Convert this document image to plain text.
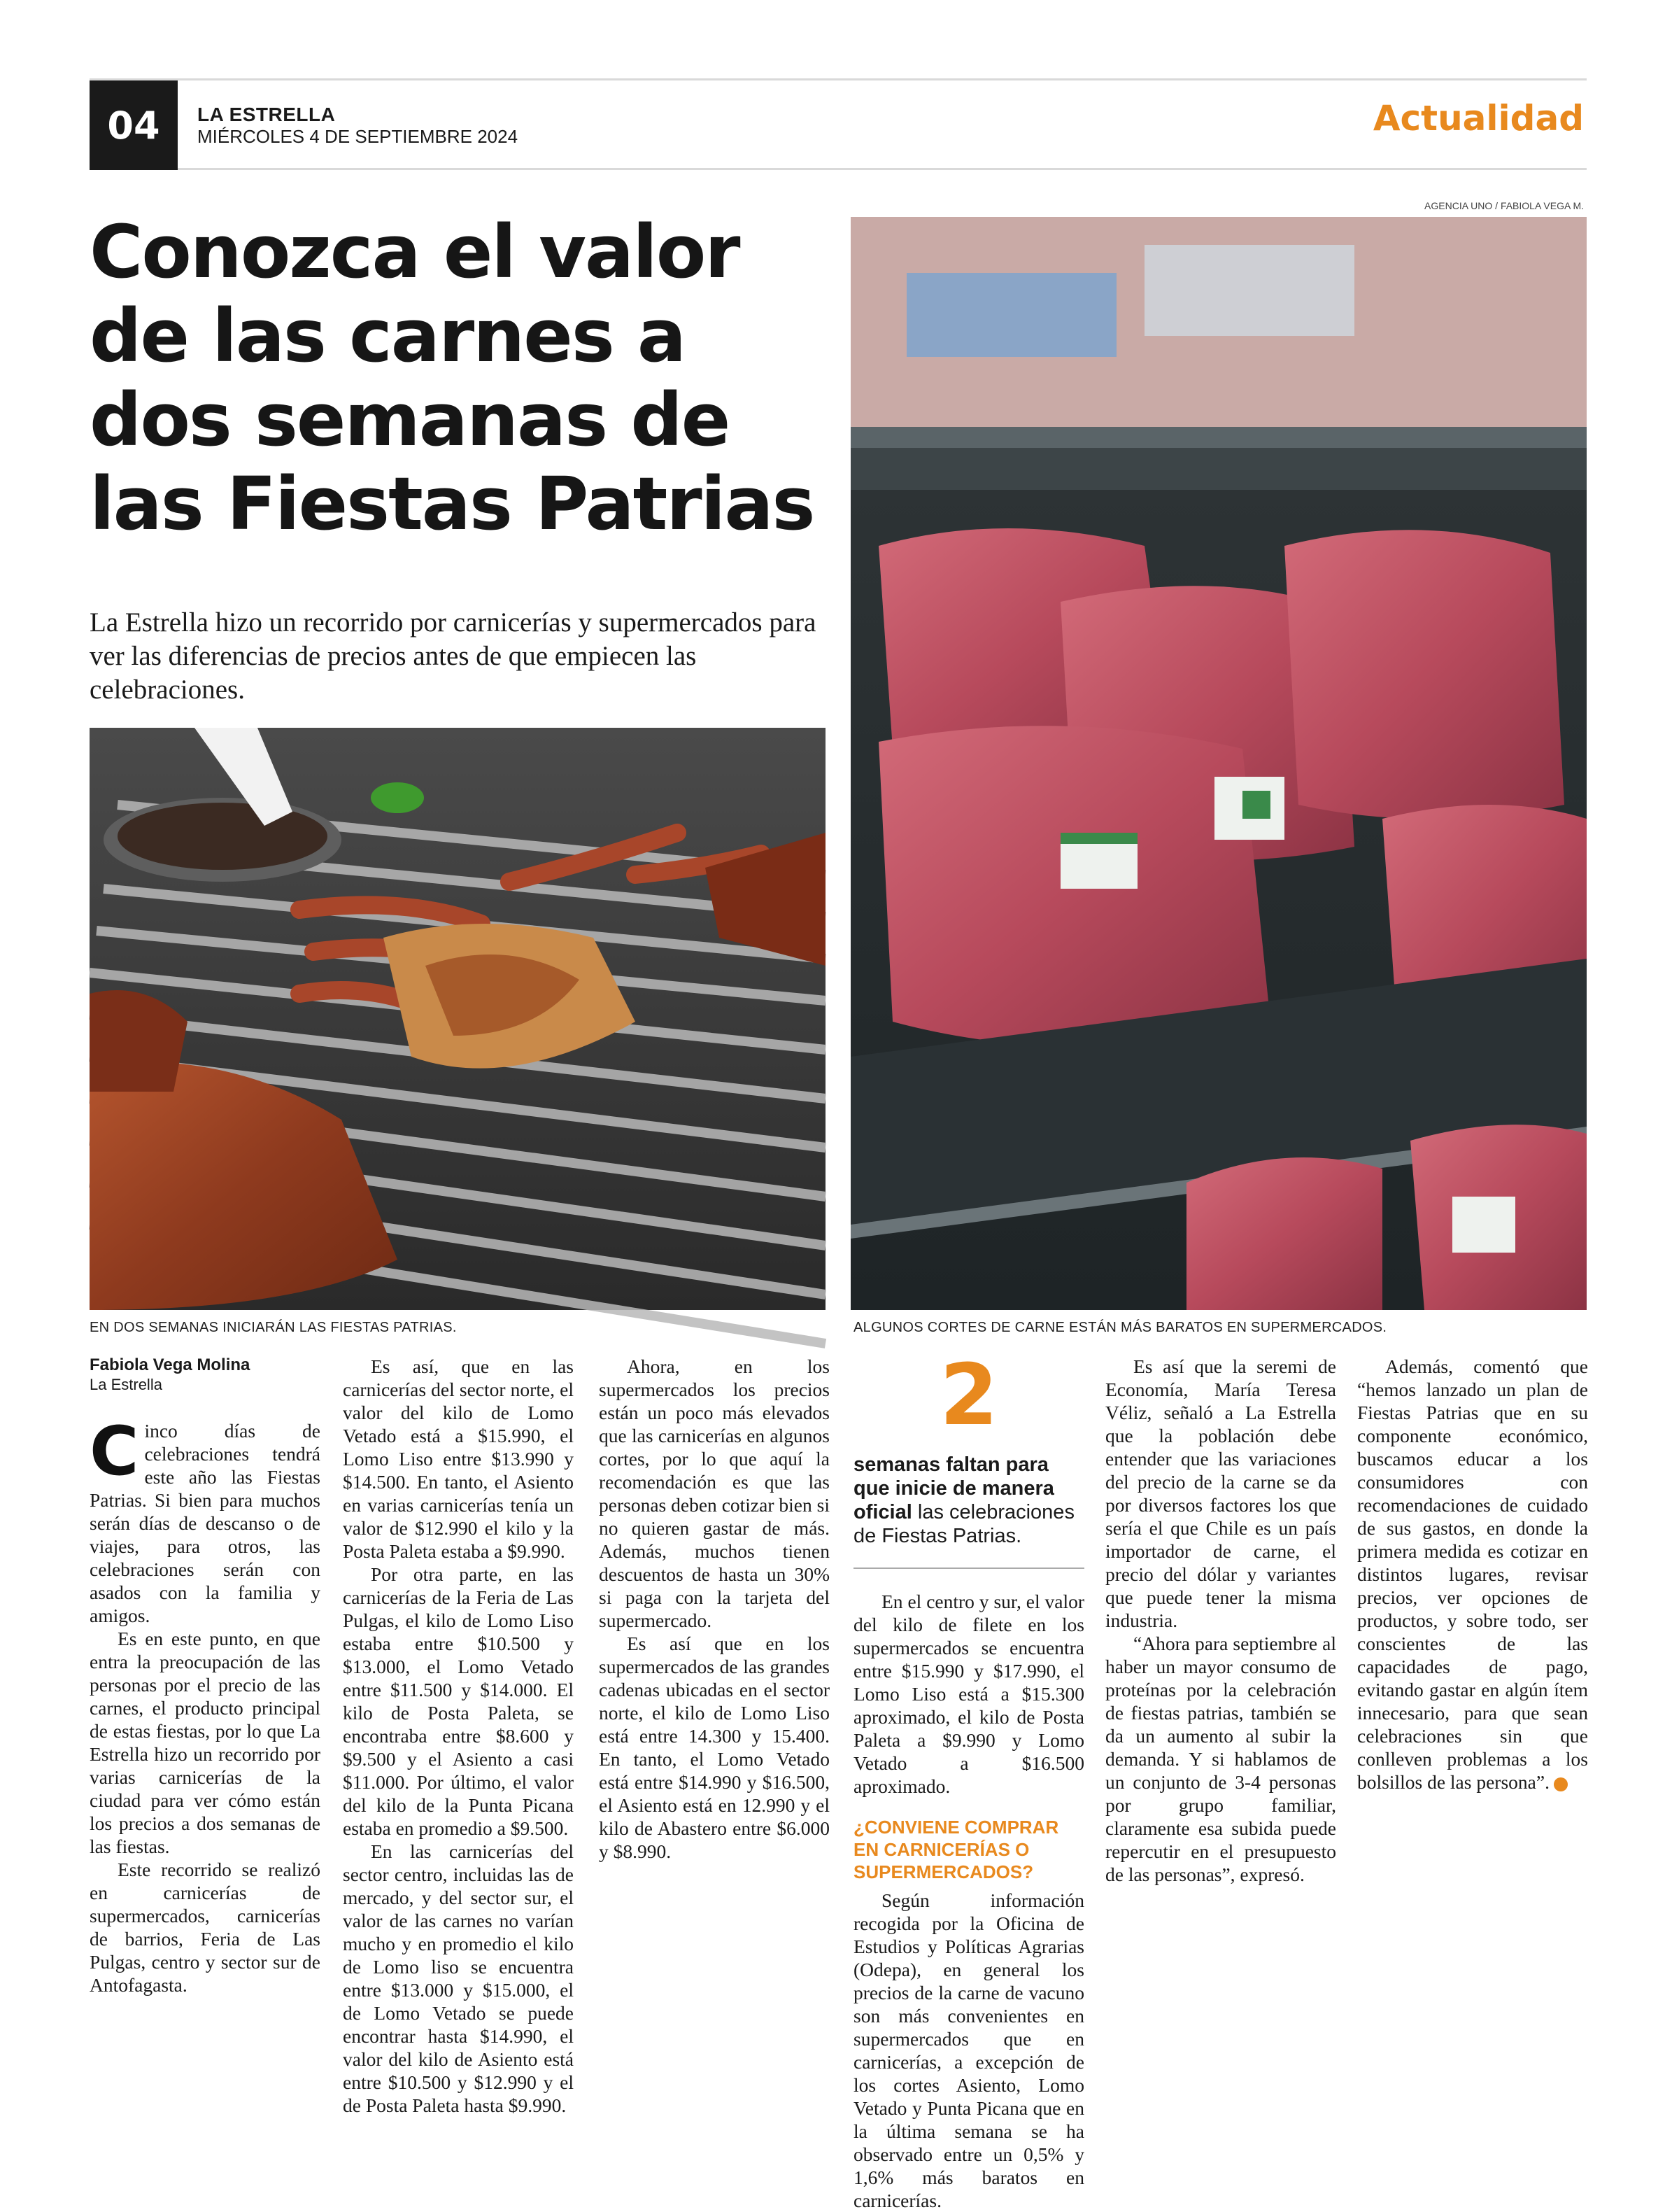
04	LA ESTRELLA
MIÉRCOLES 4 DE SEPTIEMBRE 2024	Actualidad
Conozca el valor de las carnes a dos semanas de las Fiestas Patrias

La Estrella hizo un recorrido por carnicerías y supermercados para ver las diferencias de precios antes de que empiecen las celebraciones.

AGENCIA UNO / FABIOLA VEGA M.
EN DOS SEMANAS INICIARÁN LAS FIESTAS PATRIAS.	ALGUNOS CORTES DE CARNE ESTÁN MÁS BARATOS EN SUPERMERCADOS.
Fabiola Vega Molina
La Estrella

Cinco días de celebraciones tendrá este año las Fiestas Patrias. Si bien para muchos serán días de descanso o de viajes, para otros, las celebraciones serán con asados con la familia y amigos.

Es en este punto, en que entra la preocupación de las personas por el precio de las carnes, el producto principal de estas fiestas, por lo que La Estrella hizo un recorrido por varias carnicerías de la ciudad para ver cómo están los precios a dos semanas de las fiestas.

Este recorrido se realizó en carnicerías de supermercados, carnicerías de barrios, Feria de Las Pulgas, centro y sector sur de Antofagasta.

Es así, que en las carnicerías del sector norte, el valor del kilo de Lomo Vetado está a $15.990, el Lomo Liso entre $13.990 y $14.500. En tanto, el Asiento en varias carnicerías tenía un valor de $12.990 el kilo y la Posta Paleta estaba a $9.990.

Por otra parte, en las carnicerías de la Feria de Las Pulgas, el kilo de Lomo Liso estaba entre $10.500 y $13.000, el Lomo Vetado entre $11.500 y $14.000. El kilo de Posta Paleta, se encontraba entre $8.600 y $9.500 y el Asiento a casi $11.000. Por último, el valor del kilo de la Punta Picana estaba en promedio a $9.500.

En las carnicerías del sector centro, incluidas las de mercado, y del sector sur, el valor de las carnes no varían mucho y en promedio el kilo de Lomo liso se encuentra entre $13.000 y $15.000, el de Lomo Vetado se puede encontrar hasta $14.990, el valor del kilo de Asiento está entre $10.500 y $12.990 y el de Posta Paleta hasta $9.990.

Ahora, en los supermercados los precios están un poco más elevados que las carnicerías en algunos cortes, por lo que aquí la recomendación es que las personas deben cotizar bien si no quieren gastar de más. Además, muchos tienen descuentos de hasta un 30% si paga con la tarjeta del supermercado.

Es así que en los supermercados de las grandes cadenas ubicadas en el sector norte, el kilo de Lomo Liso está entre 14.300 y 15.400. En tanto, el Lomo Vetado está entre $14.990 y $16.500, el Asiento está en 12.990 y el kilo de Abastero entre $6.000 y $8.990.

2
semanas faltan para que inicie de manera oficial las celebraciones de Fiestas Patrias.

En el centro y sur, el valor del kilo de filete en los supermercados se encuentra entre $15.990 y $17.990, el Lomo Liso está a $15.300 aproximado, el kilo de Posta Paleta a $9.990 y Lomo Vetado a $16.500 aproximado.

¿CONVIENE COMPRAR EN CARNICERÍAS O SUPERMERCADOS?

Según información recogida por la Oficina de Estudios y Políticas Agrarias (Odepa), en general los precios de la carne de vacuno son más convenientes en supermercados que en carnicerías, a excepción de los cortes Asiento, Lomo Vetado y Punta Picana que en la última semana se ha observado entre un 0,5% y 1,6% más baratos en carnicerías.

Es así que la seremi de Economía, María Teresa Véliz, señaló a La Estrella que la población debe entender que las variaciones del precio de la carne se da por diversos factores los que sería el que Chile es un país importador de carne, el precio del dólar y variantes que puede tener la misma industria.

“Ahora para septiembre al haber un mayor consumo de proteínas por la celebración de fiestas patrias, también se da un aumento al subir la demanda. Y si hablamos de un conjunto de 3-4 personas por grupo familiar, claramente esa subida puede repercutir en el presupuesto de las personas”, expresó.

Además, comentó que “hemos lanzado un plan de Fiestas Patrias que en su componente económico, buscamos educar a los consumidores con recomendaciones de cuidado de sus gastos, en donde la primera medida es cotizar en distintos lugares, revisar precios, ver opciones de productos, y sobre todo, ser conscientes de las capacidades de pago, evitando gastar en algún ítem innecesario, para que sean celebraciones sin que conlleven problemas a los bolsillos de las persona”.
